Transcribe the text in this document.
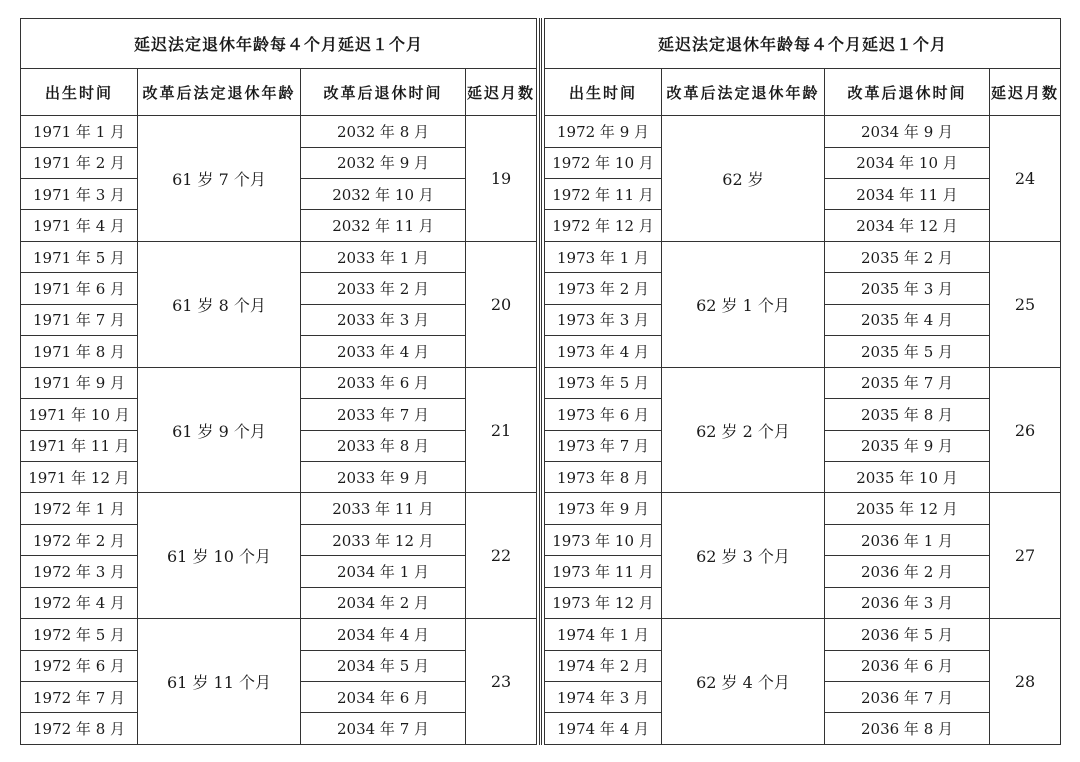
延迟法定退休年龄每４个月延迟１个月			
出生时间	改革后法定退休年龄	改革后退休时间	延迟月数
1971 年 1 月	61 岁 7 个月	2032 年 8 月	19
1971 年 2 月		2032 年 9 月	
1971 年 3 月		2032 年 10 月	
1971 年 4 月		2032 年 11 月	
1971 年 5 月	61 岁 8 个月	2033 年 1 月	20
1971 年 6 月		2033 年 2 月	
1971 年 7 月		2033 年 3 月	
1971 年 8 月		2033 年 4 月	
1971 年 9 月	61 岁 9 个月	2033 年 6 月	21
1971 年 10 月		2033 年 7 月	
1971 年 11 月		2033 年 8 月	
1971 年 12 月		2033 年 9 月	
1972 年 1 月	61 岁 10 个月	2033 年 11 月	22
1972 年 2 月		2033 年 12 月	
1972 年 3 月		2034 年 1 月	
1972 年 4 月		2034 年 2 月	
1972 年 5 月	61 岁 11 个月	2034 年 4 月	23
1972 年 6 月		2034 年 5 月	
1972 年 7 月		2034 年 6 月	
1972 年 8 月		2034 年 7 月	
延迟法定退休年龄每４个月延迟１个月			
出生时间	改革后法定退休年龄	改革后退休时间	延迟月数
1972 年 9 月	62 岁	2034 年 9 月	24
1972 年 10 月		2034 年 10 月	
1972 年 11 月		2034 年 11 月	
1972 年 12 月		2034 年 12 月	
1973 年 1 月	62 岁 1 个月	2035 年 2 月	25
1973 年 2 月		2035 年 3 月	
1973 年 3 月		2035 年 4 月	
1973 年 4 月		2035 年 5 月	
1973 年 5 月	62 岁 2 个月	2035 年 7 月	26
1973 年 6 月		2035 年 8 月	
1973 年 7 月		2035 年 9 月	
1973 年 8 月		2035 年 10 月	
1973 年 9 月	62 岁 3 个月	2035 年 12 月	27
1973 年 10 月		2036 年 1 月	
1973 年 11 月		2036 年 2 月	
1973 年 12 月		2036 年 3 月	
1974 年 1 月	62 岁 4 个月	2036 年 5 月	28
1974 年 2 月		2036 年 6 月	
1974 年 3 月		2036 年 7 月	
1974 年 4 月		2036 年 8 月	
